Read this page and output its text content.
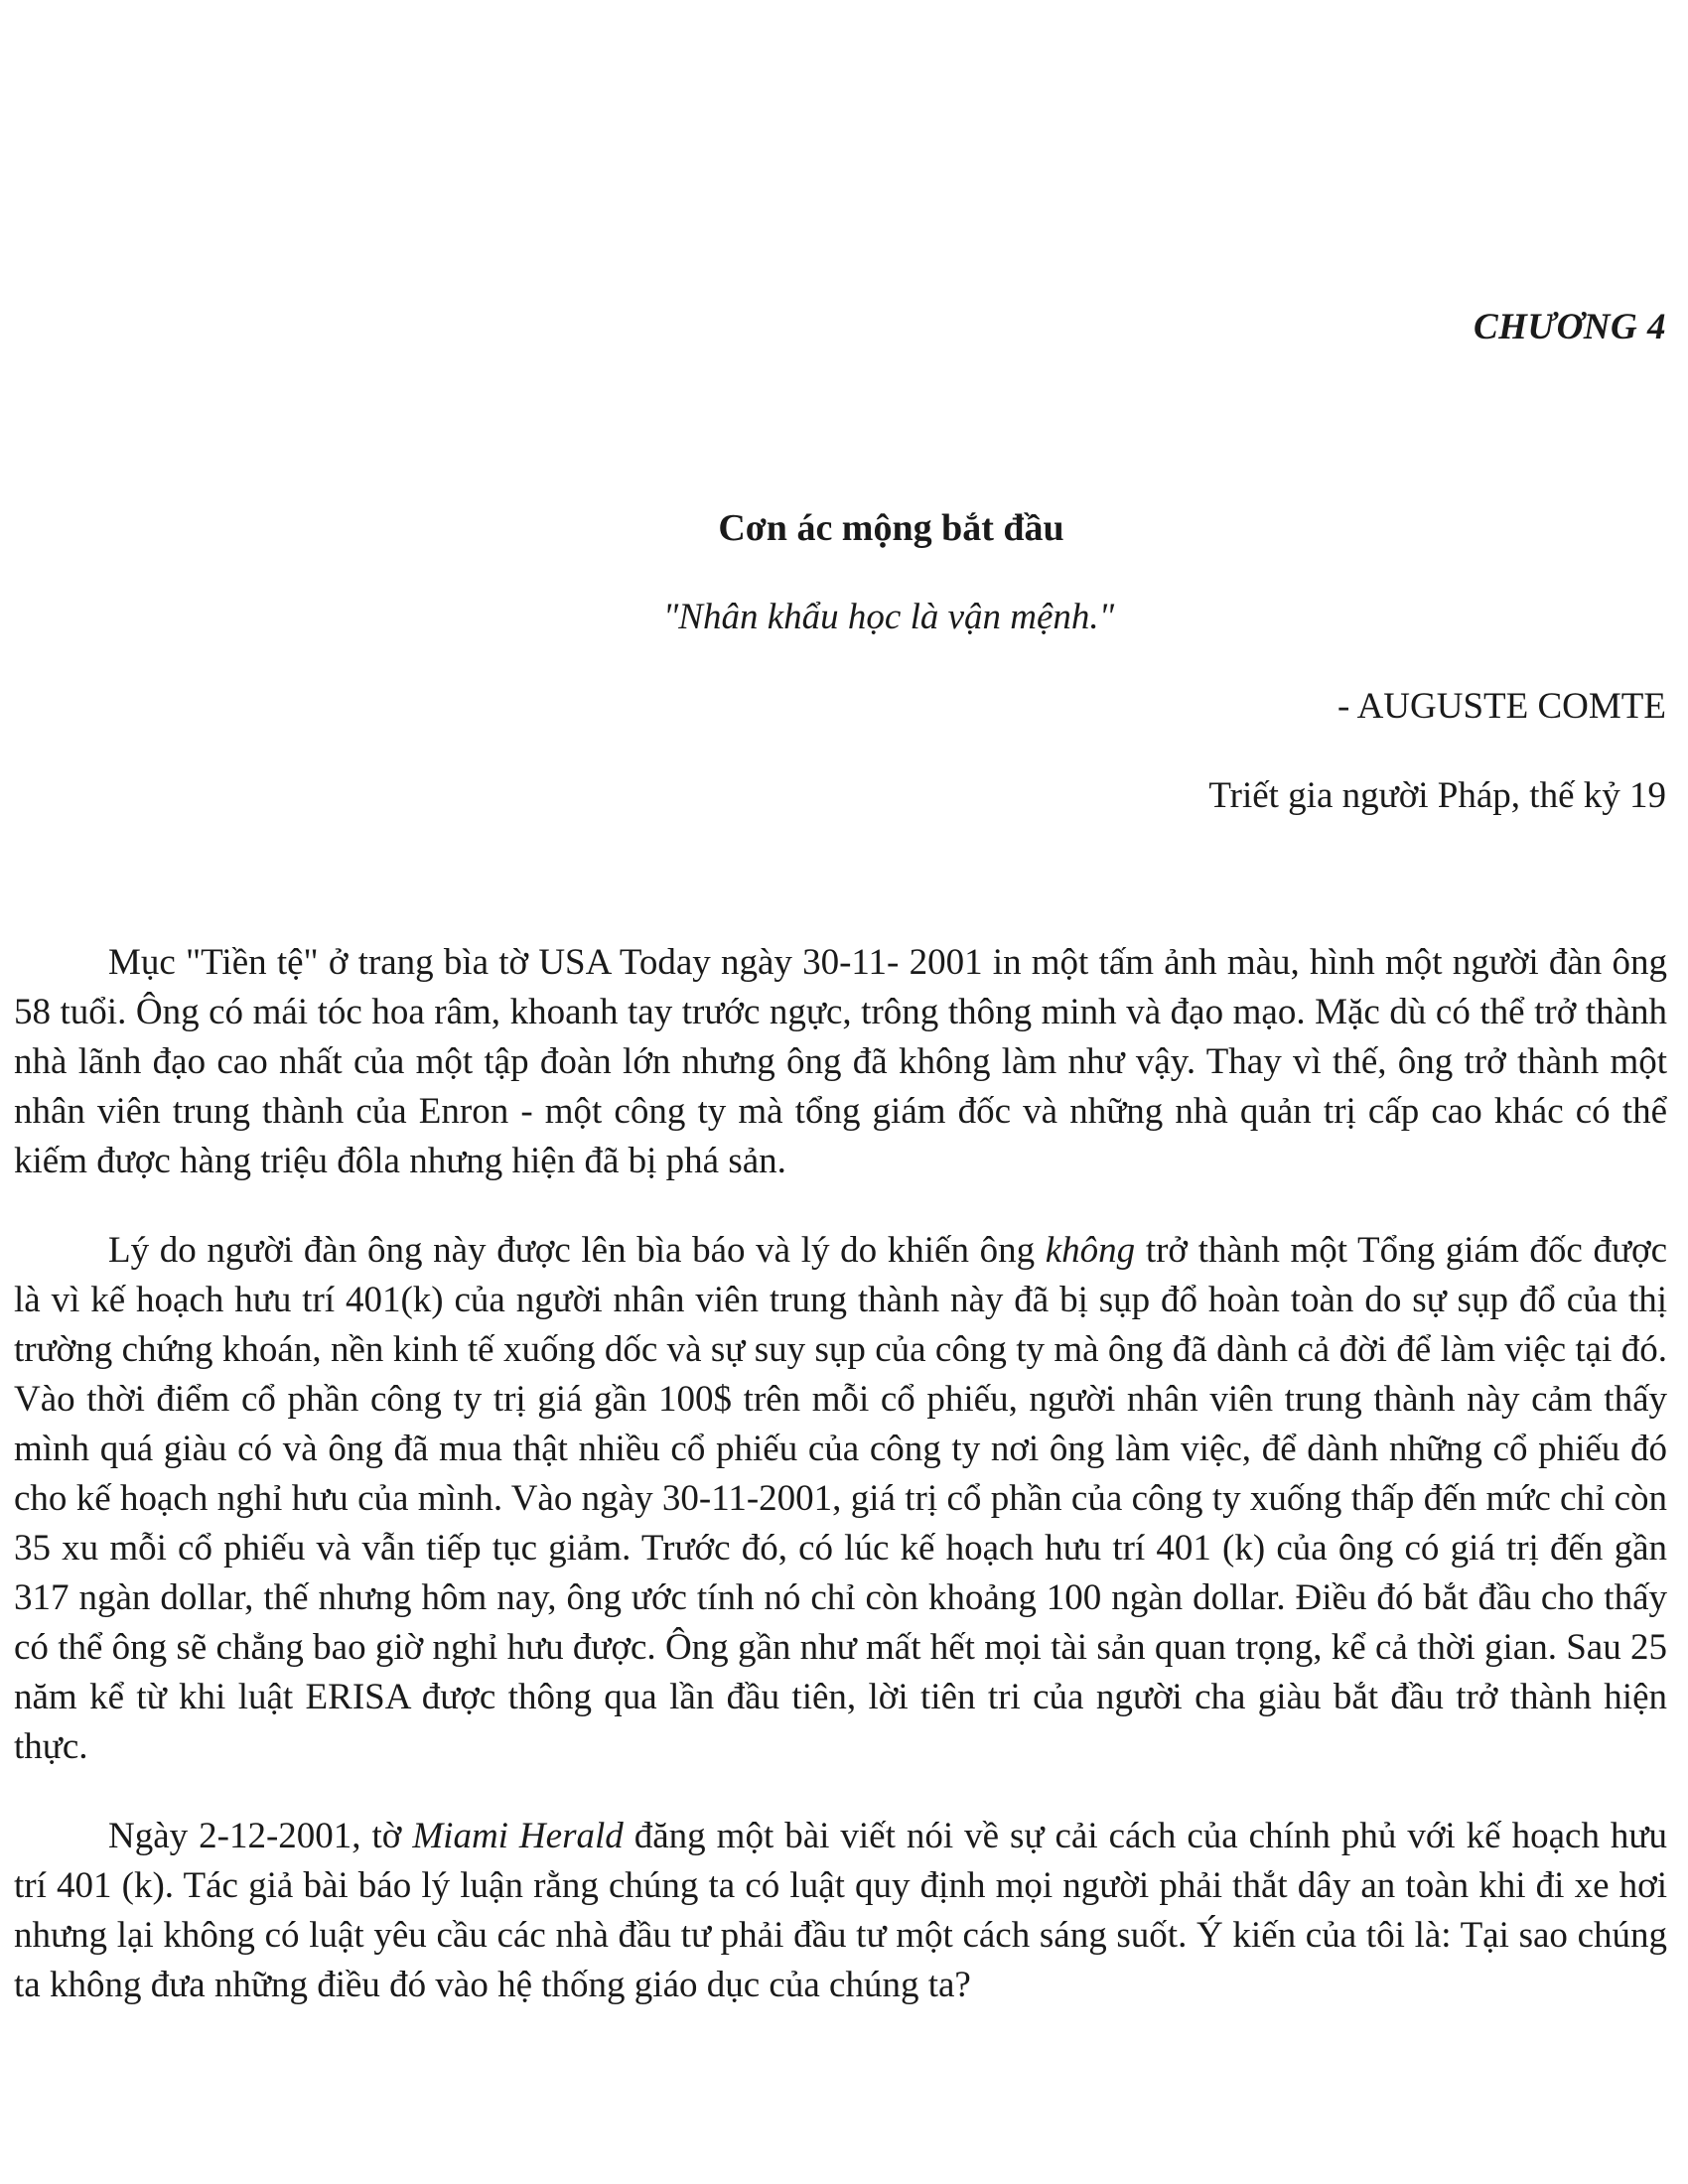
CHƯƠNG 4
Cơn ác mộng bắt đầu
"Nhân khẩu học là vận mệnh."
- AUGUSTE COMTE
Triết gia người Pháp, thế kỷ 19

Mục "Tiền tệ" ở trang bìa tờ USA Today ngày 30-11- 2001 in một tấm ảnh màu, hình một người đàn ông 58 tuổi. Ông có mái tóc hoa râm, khoanh tay trước ngực, trông thông minh và đạo mạo. Mặc dù có thể trở thành nhà lãnh đạo cao nhất của một tập đoàn lớn nhưng ông đã không làm như vậy. Thay vì thế, ông trở thành một nhân viên trung thành của Enron - một công ty mà tổng giám đốc và những nhà quản trị cấp cao khác có thể kiếm được hàng triệu đôla nhưng hiện đã bị phá sản.

Lý do người đàn ông này được lên bìa báo và lý do khiến ông không trở thành một Tổng giám đốc được là vì kế hoạch hưu trí 401(k) của người nhân viên trung thành này đã bị sụp đổ hoàn toàn do sự sụp đổ của thị trường chứng khoán, nền kinh tế xuống dốc và sự suy sụp của công ty mà ông đã dành cả đời để làm việc tại đó. Vào thời điểm cổ phần công ty trị giá gần 100$ trên mỗi cổ phiếu, người nhân viên trung thành này cảm thấy mình quá giàu có và ông đã mua thật nhiều cổ phiếu của công ty nơi ông làm việc, để dành những cổ phiếu đó cho kế hoạch nghỉ hưu của mình. Vào ngày 30-11-2001, giá trị cổ phần của công ty xuống thấp đến mức chỉ còn 35 xu mỗi cổ phiếu và vẫn tiếp tục giảm. Trước đó, có lúc kế hoạch hưu trí 401 (k) của ông có giá trị đến gần 317 ngàn dollar, thế nhưng hôm nay, ông ước tính nó chỉ còn khoảng 100 ngàn dollar. Điều đó bắt đầu cho thấy có thể ông sẽ chẳng bao giờ nghỉ hưu được. Ông gần như mất hết mọi tài sản quan trọng, kể cả thời gian. Sau 25 năm kể từ khi luật ERISA được thông qua lần đầu tiên, lời tiên tri của người cha giàu bắt đầu trở thành hiện thực.

Ngày 2-12-2001, tờ Miami Herald đăng một bài viết nói về sự cải cách của chính phủ với kế hoạch hưu trí 401 (k). Tác giả bài báo lý luận rằng chúng ta có luật quy định mọi người phải thắt dây an toàn khi đi xe hơi nhưng lại không có luật yêu cầu các nhà đầu tư phải đầu tư một cách sáng suốt. Ý kiến của tôi là: Tại sao chúng ta không đưa những điều đó vào hệ thống giáo dục của chúng ta?
